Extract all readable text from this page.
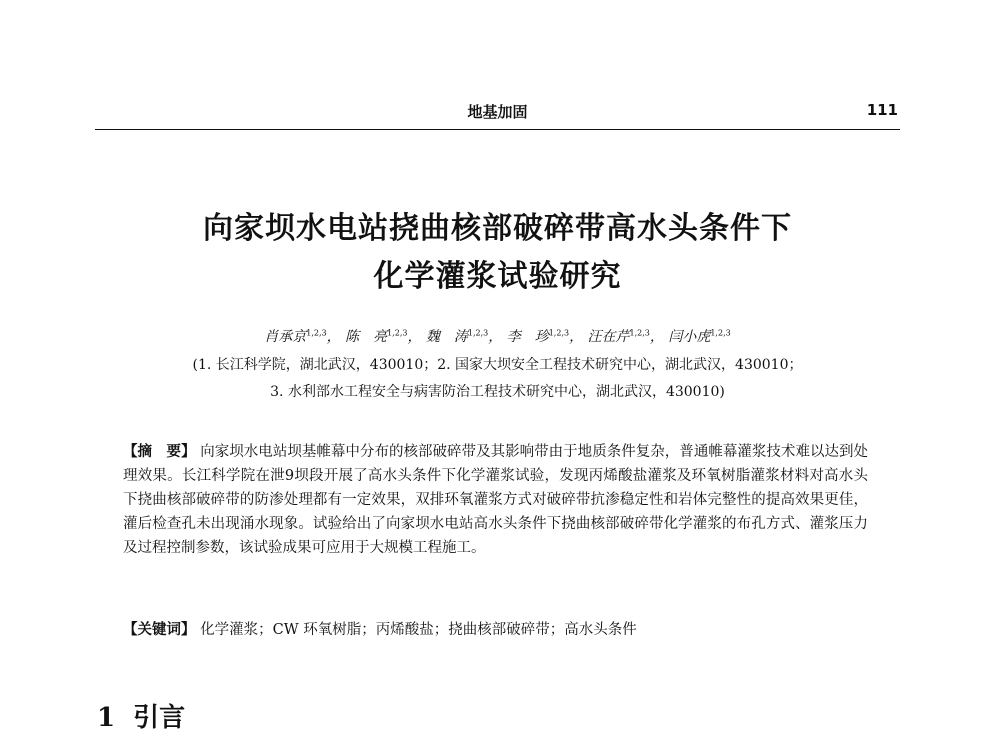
地基加固	111
向家坝水电站挠曲核部破碎带高水头条件下
化学灌浆试验研究
肖承京$^{1,2,3}$， 陈　亮$^{1,2,3}$， 魏　涛$^{1,2,3}$， 李　珍$^{1,2,3}$， 汪在芹$^{1,2,3}$， 闫小虎$^{1,2,3}$
(1. 长江科学院，湖北武汉，430010；2. 国家大坝安全工程技术研究中心，湖北武汉，430010；
3. 水利部水工程安全与病害防治工程技术研究中心，湖北武汉，430010)
【摘　要】 向家坝水电站坝基帷幕中分布的核部破碎带及其影响带由于地质条件复杂，普通帷幕灌浆技术难以达到处理效果。长江科学院在泄9坝段开展了高水头条件下化学灌浆试验，发现丙烯酸盐灌浆及环氧树脂灌浆材料对高水头下挠曲核部破碎带的防渗处理都有一定效果，双排环氧灌浆方式对破碎带抗渗稳定性和岩体完整性的提高效果更佳，灌后检查孔未出现涌水现象。试验给出了向家坝水电站高水头条件下挠曲核部破碎带化学灌浆的布孔方式、灌浆压力及过程控制参数，该试验成果可应用于大规模工程施工。
【关键词】 化学灌浆；CW 环氧树脂；丙烯酸盐；挠曲核部破碎带；高水头条件
1 引言
